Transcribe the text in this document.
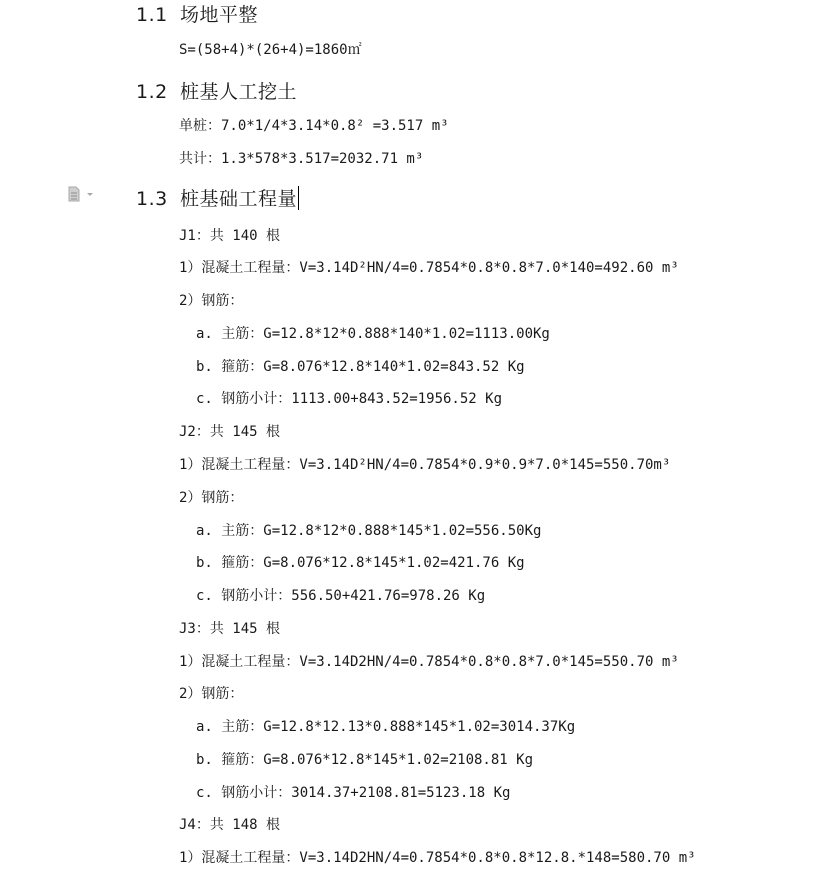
1.1 场地平整
S=(58+4)*(26+4)=1860㎡
1.2 桩基人工挖土
单桩：7.0*1/4*3.14*0.8² =3.517 m³
共计：1.3*578*3.517=2032.71 m³
1.3 桩基础工程量
J1：共 140 根
1）混凝土工程量：V=3.14D²HN/4=0.7854*0.8*0.8*7.0*140=492.60 m³
2）钢筋：
a. 主筋：G=12.8*12*0.888*140*1.02=1113.00Kg
b. 箍筋：G=8.076*12.8*140*1.02=843.52 Kg
c. 钢筋小计：1113.00+843.52=1956.52 Kg
J2：共 145 根
1）混凝土工程量：V=3.14D²HN/4=0.7854*0.9*0.9*7.0*145=550.70m³
2）钢筋：
a. 主筋：G=12.8*12*0.888*145*1.02=556.50Kg
b. 箍筋：G=8.076*12.8*145*1.02=421.76 Kg
c. 钢筋小计：556.50+421.76=978.26 Kg
J3：共 145 根
1）混凝土工程量：V=3.14D2HN/4=0.7854*0.8*0.8*7.0*145=550.70 m³
2）钢筋：
a. 主筋：G=12.8*12.13*0.888*145*1.02=3014.37Kg
b. 箍筋：G=8.076*12.8*145*1.02=2108.81 Kg
c. 钢筋小计：3014.37+2108.81=5123.18 Kg
J4：共 148 根
1）混凝土工程量：V=3.14D2HN/4=0.7854*0.8*0.8*12.8.*148=580.70 m³
